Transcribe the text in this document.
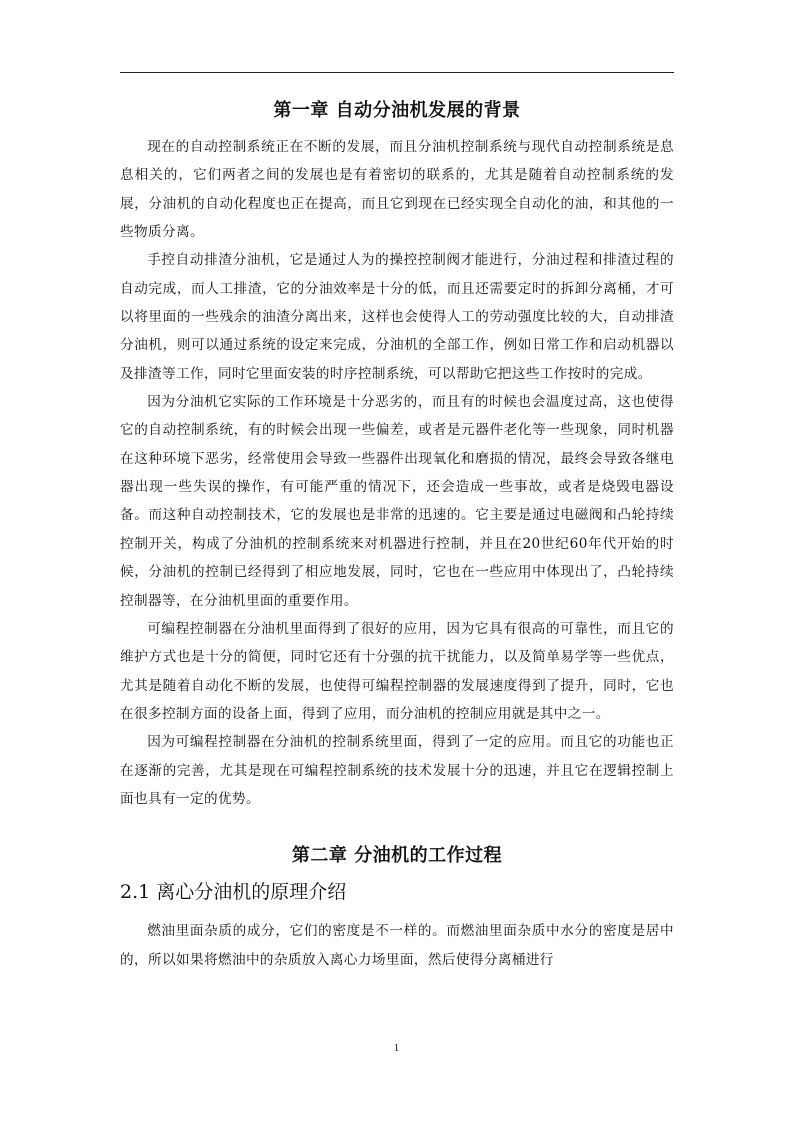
第一章 自动分油机发展的背景

现在的自动控制系统正在不断的发展，而且分油机控制系统与现代自动控制系统是息息相关的，它们两者之间的发展也是有着密切的联系的，尤其是随着自动控制系统的发展，分油机的自动化程度也正在提高，而且它到现在已经实现全自动化的油，和其他的一些物质分离。

手控自动排渣分油机，它是通过人为的操控控制阀才能进行，分油过程和排渣过程的自动完成，而人工排渣，它的分油效率是十分的低，而且还需要定时的拆卸分离桶，才可以将里面的一些残余的油渣分离出来，这样也会使得人工的劳动强度比较的大，自动排渣分油机，则可以通过系统的设定来完成，分油机的全部工作，例如日常工作和启动机器以及排渣等工作，同时它里面安装的时序控制系统，可以帮助它把这些工作按时的完成。

因为分油机它实际的工作环境是十分恶劣的，而且有的时候也会温度过高，这也使得它的自动控制系统，有的时候会出现一些偏差，或者是元器件老化等一些现象，同时机器在这种环境下恶劣，经常使用会导致一些器件出现氧化和磨损的情况，最终会导致各继电器出现一些失误的操作，有可能严重的情况下，还会造成一些事故，或者是烧毁电器设备。而这种自动控制技术，它的发展也是非常的迅速的。它主要是通过电磁阀和凸轮持续控制开关，构成了分油机的控制系统来对机器进行控制，并且在20世纪60年代开始的时候，分油机的控制已经得到了相应地发展，同时，它也在一些应用中体现出了，凸轮持续控制器等，在分油机里面的重要作用。

可编程控制器在分油机里面得到了很好的应用，因为它具有很高的可靠性，而且它的维护方式也是十分的简便，同时它还有十分强的抗干扰能力，以及简单易学等一些优点，尤其是随着自动化不断的发展，也使得可编程控制器的发展速度得到了提升，同时，它也在很多控制方面的设备上面，得到了应用，而分油机的控制应用就是其中之一。

因为可编程控制器在分油机的控制系统里面，得到了一定的应用。而且它的功能也正在逐渐的完善，尤其是现在可编程控制系统的技术发展十分的迅速，并且它在逻辑控制上面也具有一定的优势。

第二章 分油机的工作过程
2.1 离心分油机的原理介绍

燃油里面杂质的成分，它们的密度是不一样的。而燃油里面杂质中水分的密度是居中的，所以如果将燃油中的杂质放入离心力场里面，然后使得分离桶进行

1
